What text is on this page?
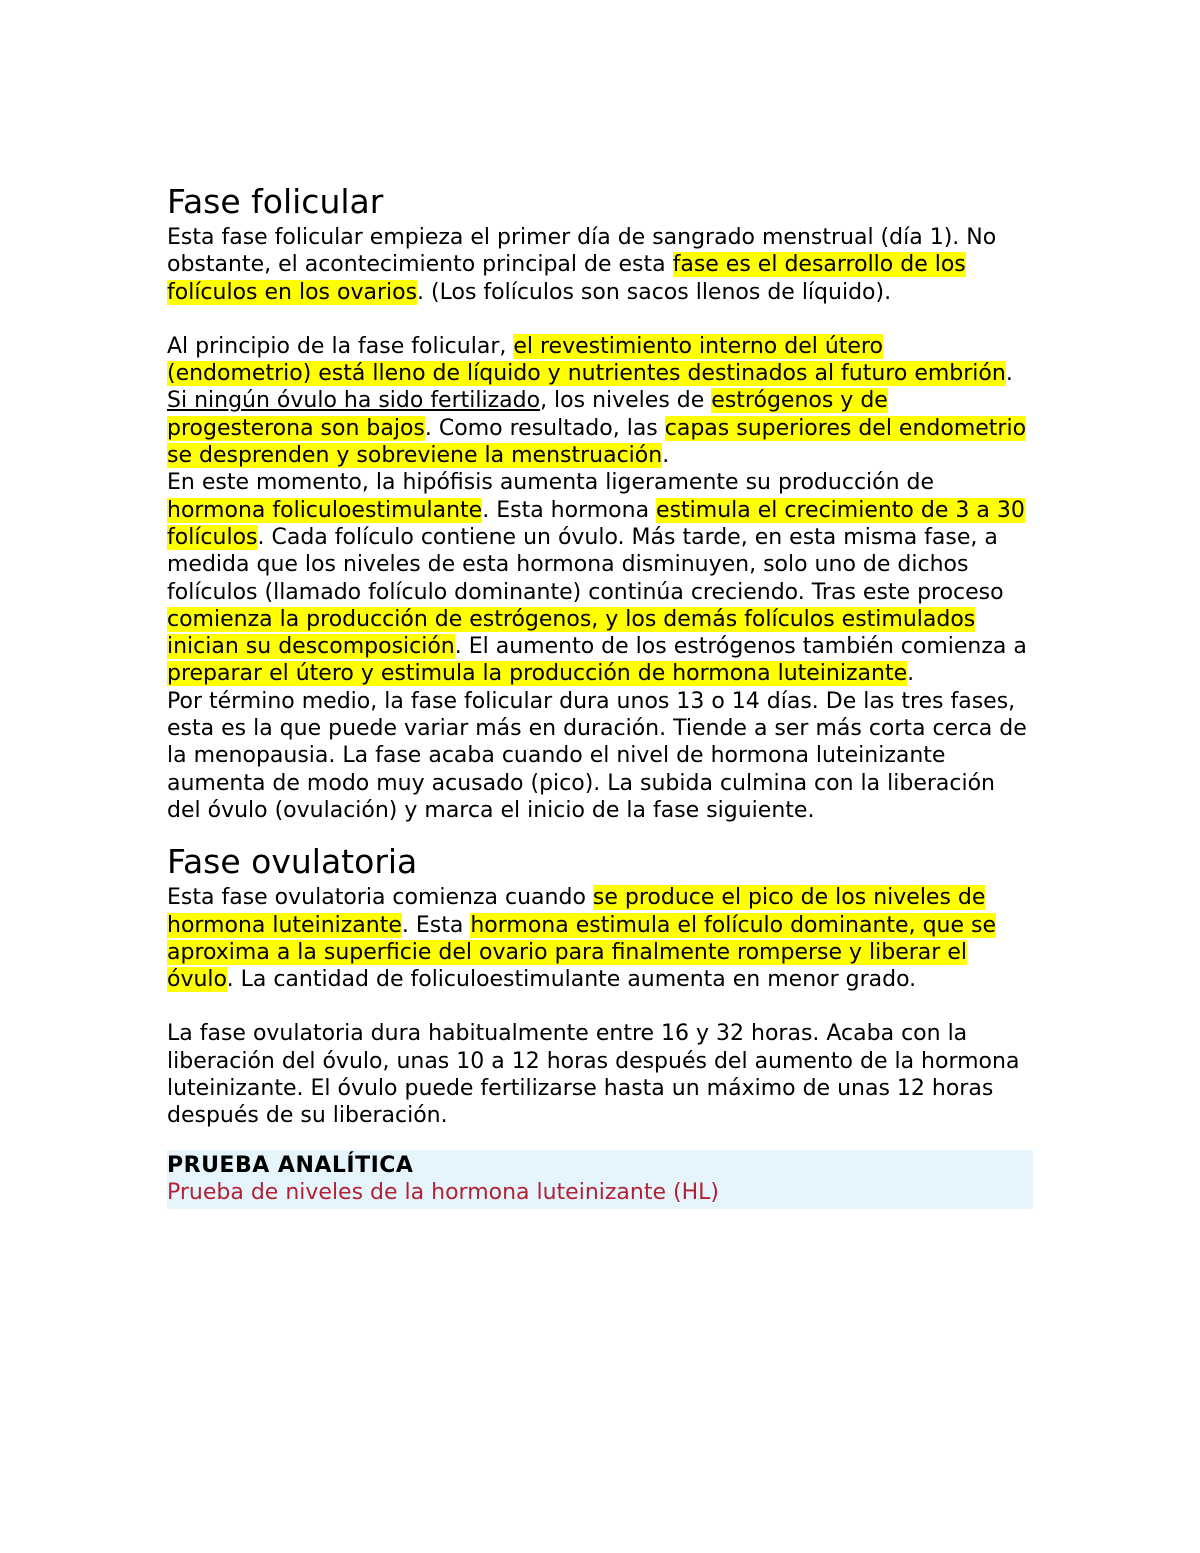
Fase folicular

Esta fase folicular empieza el primer día de sangrado menstrual (día 1). No obstante, el acontecimiento principal de esta fase es el desarrollo de los folículos en los ovarios. (Los folículos son sacos llenos de líquido).

Al principio de la fase folicular, el revestimiento interno del útero (endometrio) está lleno de líquido y nutrientes destinados al futuro embrión. Si ningún óvulo ha sido fertilizado, los niveles de estrógenos y de progesterona son bajos. Como resultado, las capas superiores del endometrio se desprenden y sobreviene la menstruación.

En este momento, la hipófisis aumenta ligeramente su producción de hormona foliculoestimulante. Esta hormona estimula el crecimiento de 3 a 30 folículos. Cada folículo contiene un óvulo. Más tarde, en esta misma fase, a medida que los niveles de esta hormona disminuyen, solo uno de dichos folículos (llamado folículo dominante) continúa creciendo. Tras este proceso comienza la producción de estrógenos, y los demás folículos estimulados inician su descomposición. El aumento de los estrógenos también comienza a preparar el útero y estimula la producción de hormona luteinizante.

Por término medio, la fase folicular dura unos 13 o 14 días. De las tres fases, esta es la que puede variar más en duración. Tiende a ser más corta cerca de la menopausia. La fase acaba cuando el nivel de hormona luteinizante aumenta de modo muy acusado (pico). La subida culmina con la liberación del óvulo (ovulación) y marca el inicio de la fase siguiente.

Fase ovulatoria

Esta fase ovulatoria comienza cuando se produce el pico de los niveles de hormona luteinizante. Esta hormona estimula el folículo dominante, que se aproxima a la superficie del ovario para finalmente romperse y liberar el óvulo. La cantidad de foliculoestimulante aumenta en menor grado.

La fase ovulatoria dura habitualmente entre 16 y 32 horas. Acaba con la liberación del óvulo, unas 10 a 12 horas después del aumento de la hormona luteinizante. El óvulo puede fertilizarse hasta un máximo de unas 12 horas después de su liberación.

PRUEBA ANALÍTICA
Prueba de niveles de la hormona luteinizante (HL)
